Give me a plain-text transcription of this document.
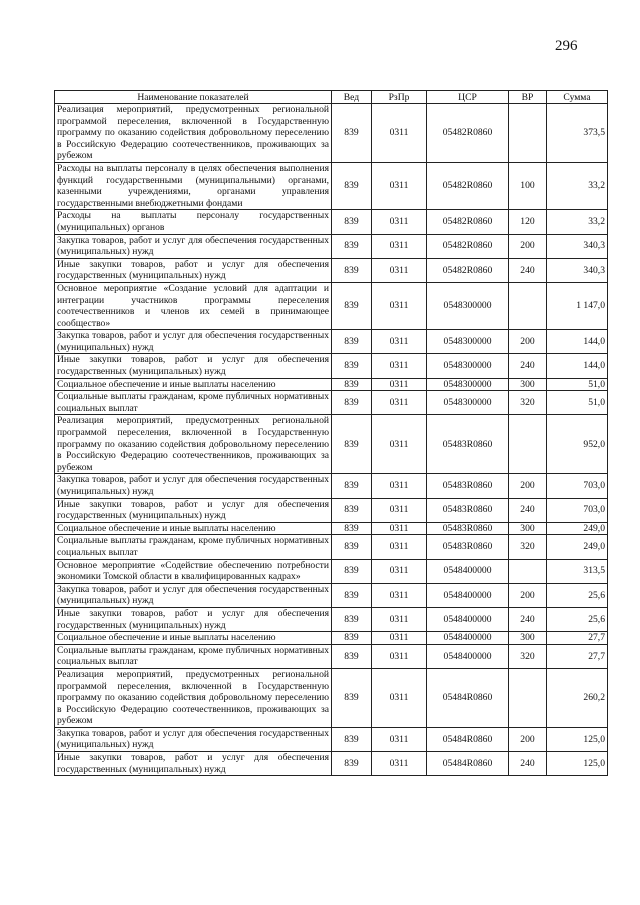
296
Наименование показателей	Вед	РзПр	ЦСР	ВР	Сумма
Реализация мероприятий, предусмотренных региональной программой переселения, включенной в Государственную программу по оказанию содействия добровольному переселению в Российскую Федерацию соотечественников, проживающих за рубежом	839	0311	05482R0860		373,5
Расходы на выплаты персоналу в целях обеспечения выполнения функций государственными (муниципальными) органами, казенными учреждениями, органами управления государственными внебюджетными фондами	839	0311	05482R0860	100	33,2
Расходы на выплаты персоналу государственных (муниципальных) органов	839	0311	05482R0860	120	33,2
Закупка товаров, работ и услуг для обеспечения государственных (муниципальных) нужд	839	0311	05482R0860	200	340,3
Иные закупки товаров, работ и услуг для обеспечения государственных (муниципальных) нужд	839	0311	05482R0860	240	340,3
Основное мероприятие «Создание условий для адаптации и интеграции участников программы переселения соотечественников и членов их семей в принимающее сообщество»	839	0311	0548300000		1 147,0
Закупка товаров, работ и услуг для обеспечения государственных (муниципальных) нужд	839	0311	0548300000	200	144,0
Иные закупки товаров, работ и услуг для обеспечения государственных (муниципальных) нужд	839	0311	0548300000	240	144,0
Социальное обеспечение и иные выплаты населению	839	0311	0548300000	300	51,0
Социальные выплаты гражданам, кроме публичных нормативных социальных выплат	839	0311	0548300000	320	51,0
Реализация мероприятий, предусмотренных региональной программой переселения, включенной в Государственную программу по оказанию содействия добровольному переселению в Российскую Федерацию соотечественников, проживающих за рубежом	839	0311	05483R0860		952,0
Закупка товаров, работ и услуг для обеспечения государственных (муниципальных) нужд	839	0311	05483R0860	200	703,0
Иные закупки товаров, работ и услуг для обеспечения государственных (муниципальных) нужд	839	0311	05483R0860	240	703,0
Социальное обеспечение и иные выплаты населению	839	0311	05483R0860	300	249,0
Социальные выплаты гражданам, кроме публичных нормативных социальных выплат	839	0311	05483R0860	320	249,0
Основное мероприятие «Содействие обеспечению потребности экономики Томской области в квалифицированных кадрах»	839	0311	0548400000		313,5
Закупка товаров, работ и услуг для обеспечения государственных (муниципальных) нужд	839	0311	0548400000	200	25,6
Иные закупки товаров, работ и услуг для обеспечения государственных (муниципальных) нужд	839	0311	0548400000	240	25,6
Социальное обеспечение и иные выплаты населению	839	0311	0548400000	300	27,7
Социальные выплаты гражданам, кроме публичных нормативных социальных выплат	839	0311	0548400000	320	27,7
Реализация мероприятий, предусмотренных региональной программой переселения, включенной в Государственную программу по оказанию содействия добровольному переселению в Российскую Федерацию соотечественников, проживающих за рубежом	839	0311	05484R0860		260,2
Закупка товаров, работ и услуг для обеспечения государственных (муниципальных) нужд	839	0311	05484R0860	200	125,0
Иные закупки товаров, работ и услуг для обеспечения государственных (муниципальных) нужд	839	0311	05484R0860	240	125,0
